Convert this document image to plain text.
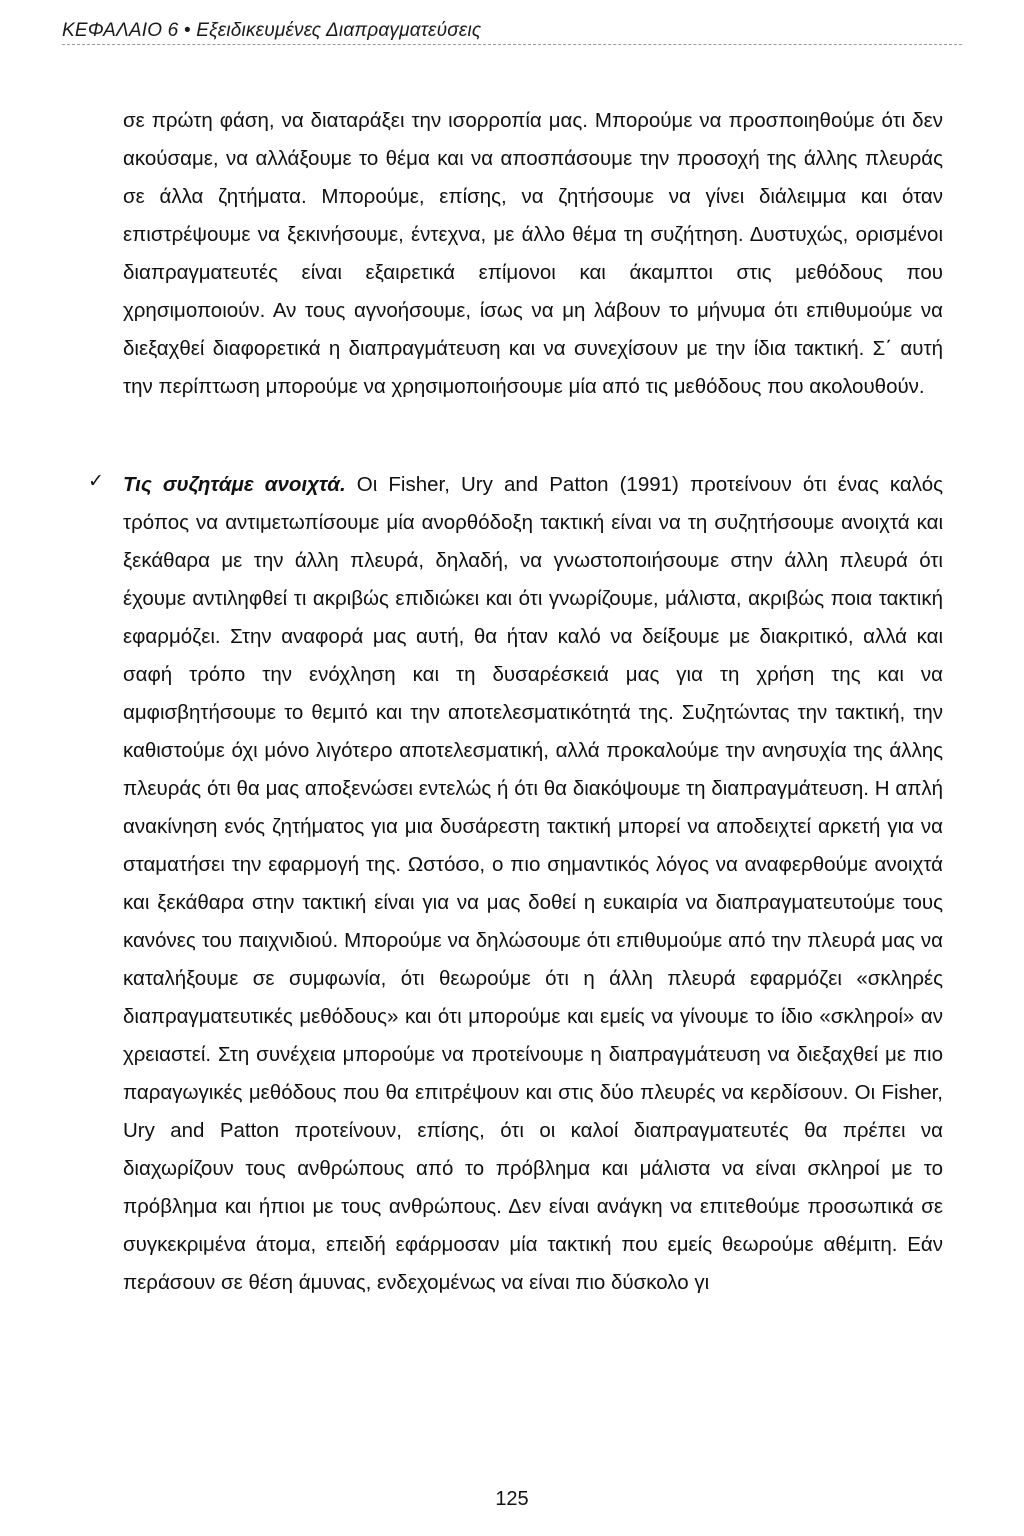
ΚΕΦΑΛΑΙΟ 6 • Εξειδικευμένες Διαπραγματεύσεις

σε πρώτη φάση, να διαταράξει την ισορροπία μας. Μπορούμε να προσποιηθούμε ότι δεν ακούσαμε, να αλλάξουμε το θέμα και να αποσπάσουμε την προσοχή της άλλης πλευράς σε άλλα ζητήματα. Μπορούμε, επίσης, να ζητήσουμε να γίνει διάλειμμα και όταν επιστρέψουμε να ξεκινήσουμε, έντεχνα, με άλλο θέμα τη συζήτηση. Δυστυχώς, ορισμένοι διαπραγματευτές είναι εξαιρετικά επίμονοι και άκαμπτοι στις μεθόδους που χρησιμοποιούν. Αν τους αγνοήσουμε, ίσως να μη λάβουν το μήνυμα ότι επιθυμούμε να διεξαχθεί διαφορετικά η διαπραγμάτευση και να συνεχίσουν με την ίδια τακτική. Σ΄ αυτή την περίπτωση μπορούμε να χρησιμοποιήσουμε μία από τις μεθόδους που ακολουθούν.

✓ Τις συζητάμε ανοιχτά. Οι Fisher, Ury and Patton (1991) προτείνουν ότι ένας καλός τρόπος να αντιμετωπίσουμε μία ανορθόδοξη τακτική είναι να τη συζητήσουμε ανοιχτά και ξεκάθαρα με την άλλη πλευρά, δηλαδή, να γνωστοποιήσουμε στην άλλη πλευρά ότι έχουμε αντιληφθεί τι ακριβώς επιδιώκει και ότι γνωρίζουμε, μάλιστα, ακριβώς ποια τακτική εφαρμόζει. Στην αναφορά μας αυτή, θα ήταν καλό να δείξουμε με διακριτικό, αλλά και σαφή τρόπο την ενόχληση και τη δυσαρέσκειά μας για τη χρήση της και να αμφισβητήσουμε το θεμιτό και την αποτελεσματικότητά της. Συζητώντας την τακτική, την καθιστούμε όχι μόνο λιγότερο αποτελεσματική, αλλά προκαλούμε την ανησυχία της άλλης πλευράς ότι θα μας αποξενώσει εντελώς ή ότι θα διακόψουμε τη διαπραγμάτευση. Η απλή ανακίνηση ενός ζητήματος για μια δυσάρεστη τακτική μπορεί να αποδειχτεί αρκετή για να σταματήσει την εφαρμογή της. Ωστόσο, ο πιο σημαντικός λόγος να αναφερθούμε ανοιχτά και ξεκάθαρα στην τακτική είναι για να μας δοθεί η ευκαιρία να διαπραγματευτούμε τους κανόνες του παιχνιδιού. Μπορούμε να δηλώσουμε ότι επιθυμούμε από την πλευρά μας να καταλήξουμε σε συμφωνία, ότι θεωρούμε ότι η άλλη πλευρά εφαρμόζει «σκληρές διαπραγματευτικές μεθόδους» και ότι μπορούμε και εμείς να γίνουμε το ίδιο «σκληροί» αν χρειαστεί. Στη συνέχεια μπορούμε να προτείνουμε η διαπραγμάτευση να διεξαχθεί με πιο παραγωγικές μεθόδους που θα επιτρέψουν και στις δύο πλευρές να κερδίσουν. Οι Fisher, Ury and Patton προτείνουν, επίσης, ότι οι καλοί διαπραγματευτές θα πρέπει να διαχωρίζουν τους ανθρώπους από το πρόβλημα και μάλιστα να είναι σκληροί με το πρόβλημα και ήπιοι με τους ανθρώπους. Δεν είναι ανάγκη να επιτεθούμε προσωπικά σε συγκεκριμένα άτομα, επειδή εφάρμοσαν μία τακτική που εμείς θεωρούμε αθέμιτη. Εάν περάσουν σε θέση άμυνας, ενδεχομένως να είναι πιο δύσκολο γι

125
